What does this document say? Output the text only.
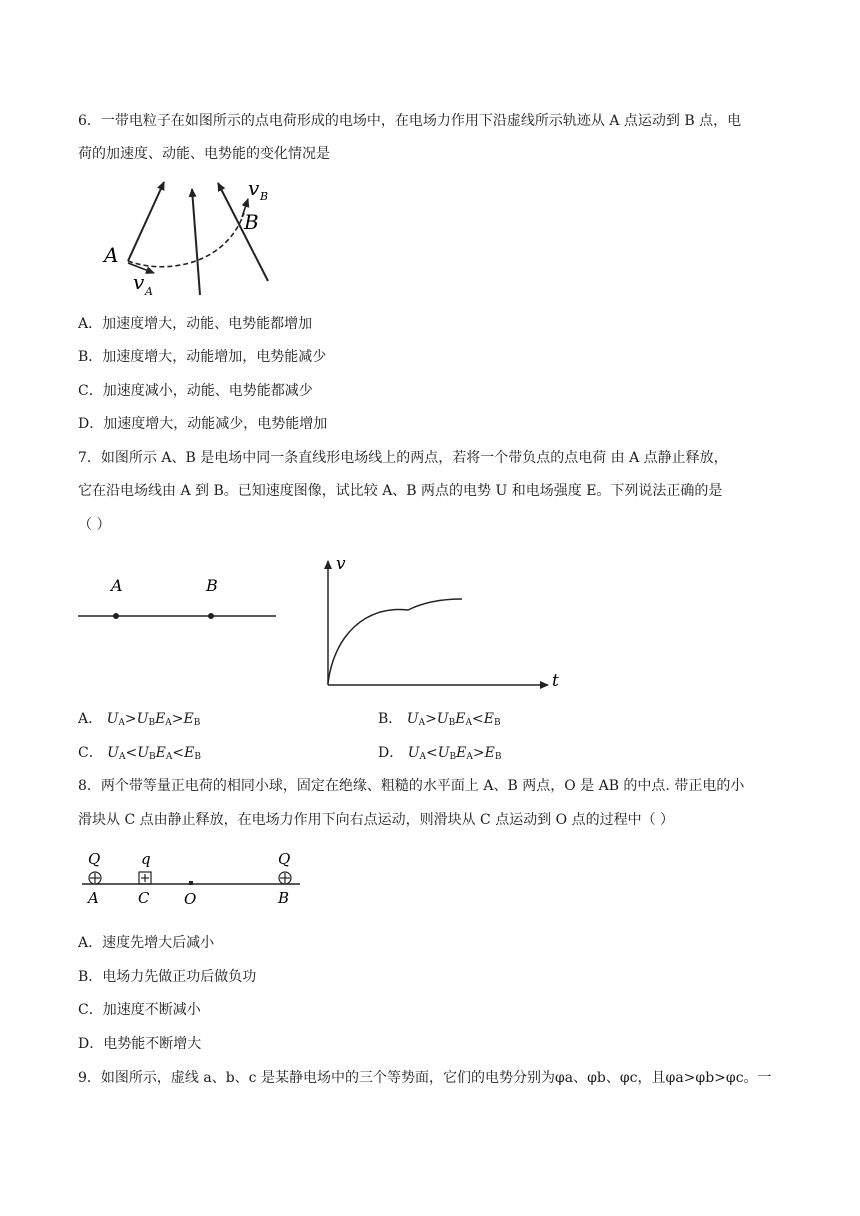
6．一带电粒子在如图所示的点电荷形成的电场中，在电场力作用下沿虚线所示轨迹从 A 点运动到 B 点，电
荷的加速度、动能、电势能的变化情况是
A
B
v A
v B
A．加速度增大，动能、电势能都增加
B．加速度增大，动能增加，电势能减少
C．加速度减小，动能、电势能都减少
D．加速度增大，动能减少，电势能增加
7．如图所示 A、B 是电场中同一条直线形电场线上的两点，若将一个带负点的点电荷 由 A 点静止释放，
它在沿电场线由 A 到 B。已知速度图像，试比较 A、B 两点的电势 U 和电场强度 E。下列说法正确的是
（ ）
A	B
v
t
A． $U_A>U_BE_A>E_B$	B． $U_A>U_BE_A<E_B$
C． $U_A<U_BE_A<E_B$	D． $U_A<U_BE_A>E_B$
8．两个带等量正电荷的相同小球，固定在绝缘、粗糙的水平面上 A、B 两点，O 是 AB 的中点. 带正电的小
滑块从 C 点由静止释放，在电场力作用下向右点运动，则滑块从 C 点运动到 O 点的过程中（ ）
Q	q	Q
A	C O	B
A．速度先增大后减小
B．电场力先做正功后做负功
C．加速度不断减小
D．电势能不断增大
9．如图所示，虚线 a、b、c 是某静电场中的三个等势面，它们的电势分别为φa、φb、φc，且φa>φb>φc。一
